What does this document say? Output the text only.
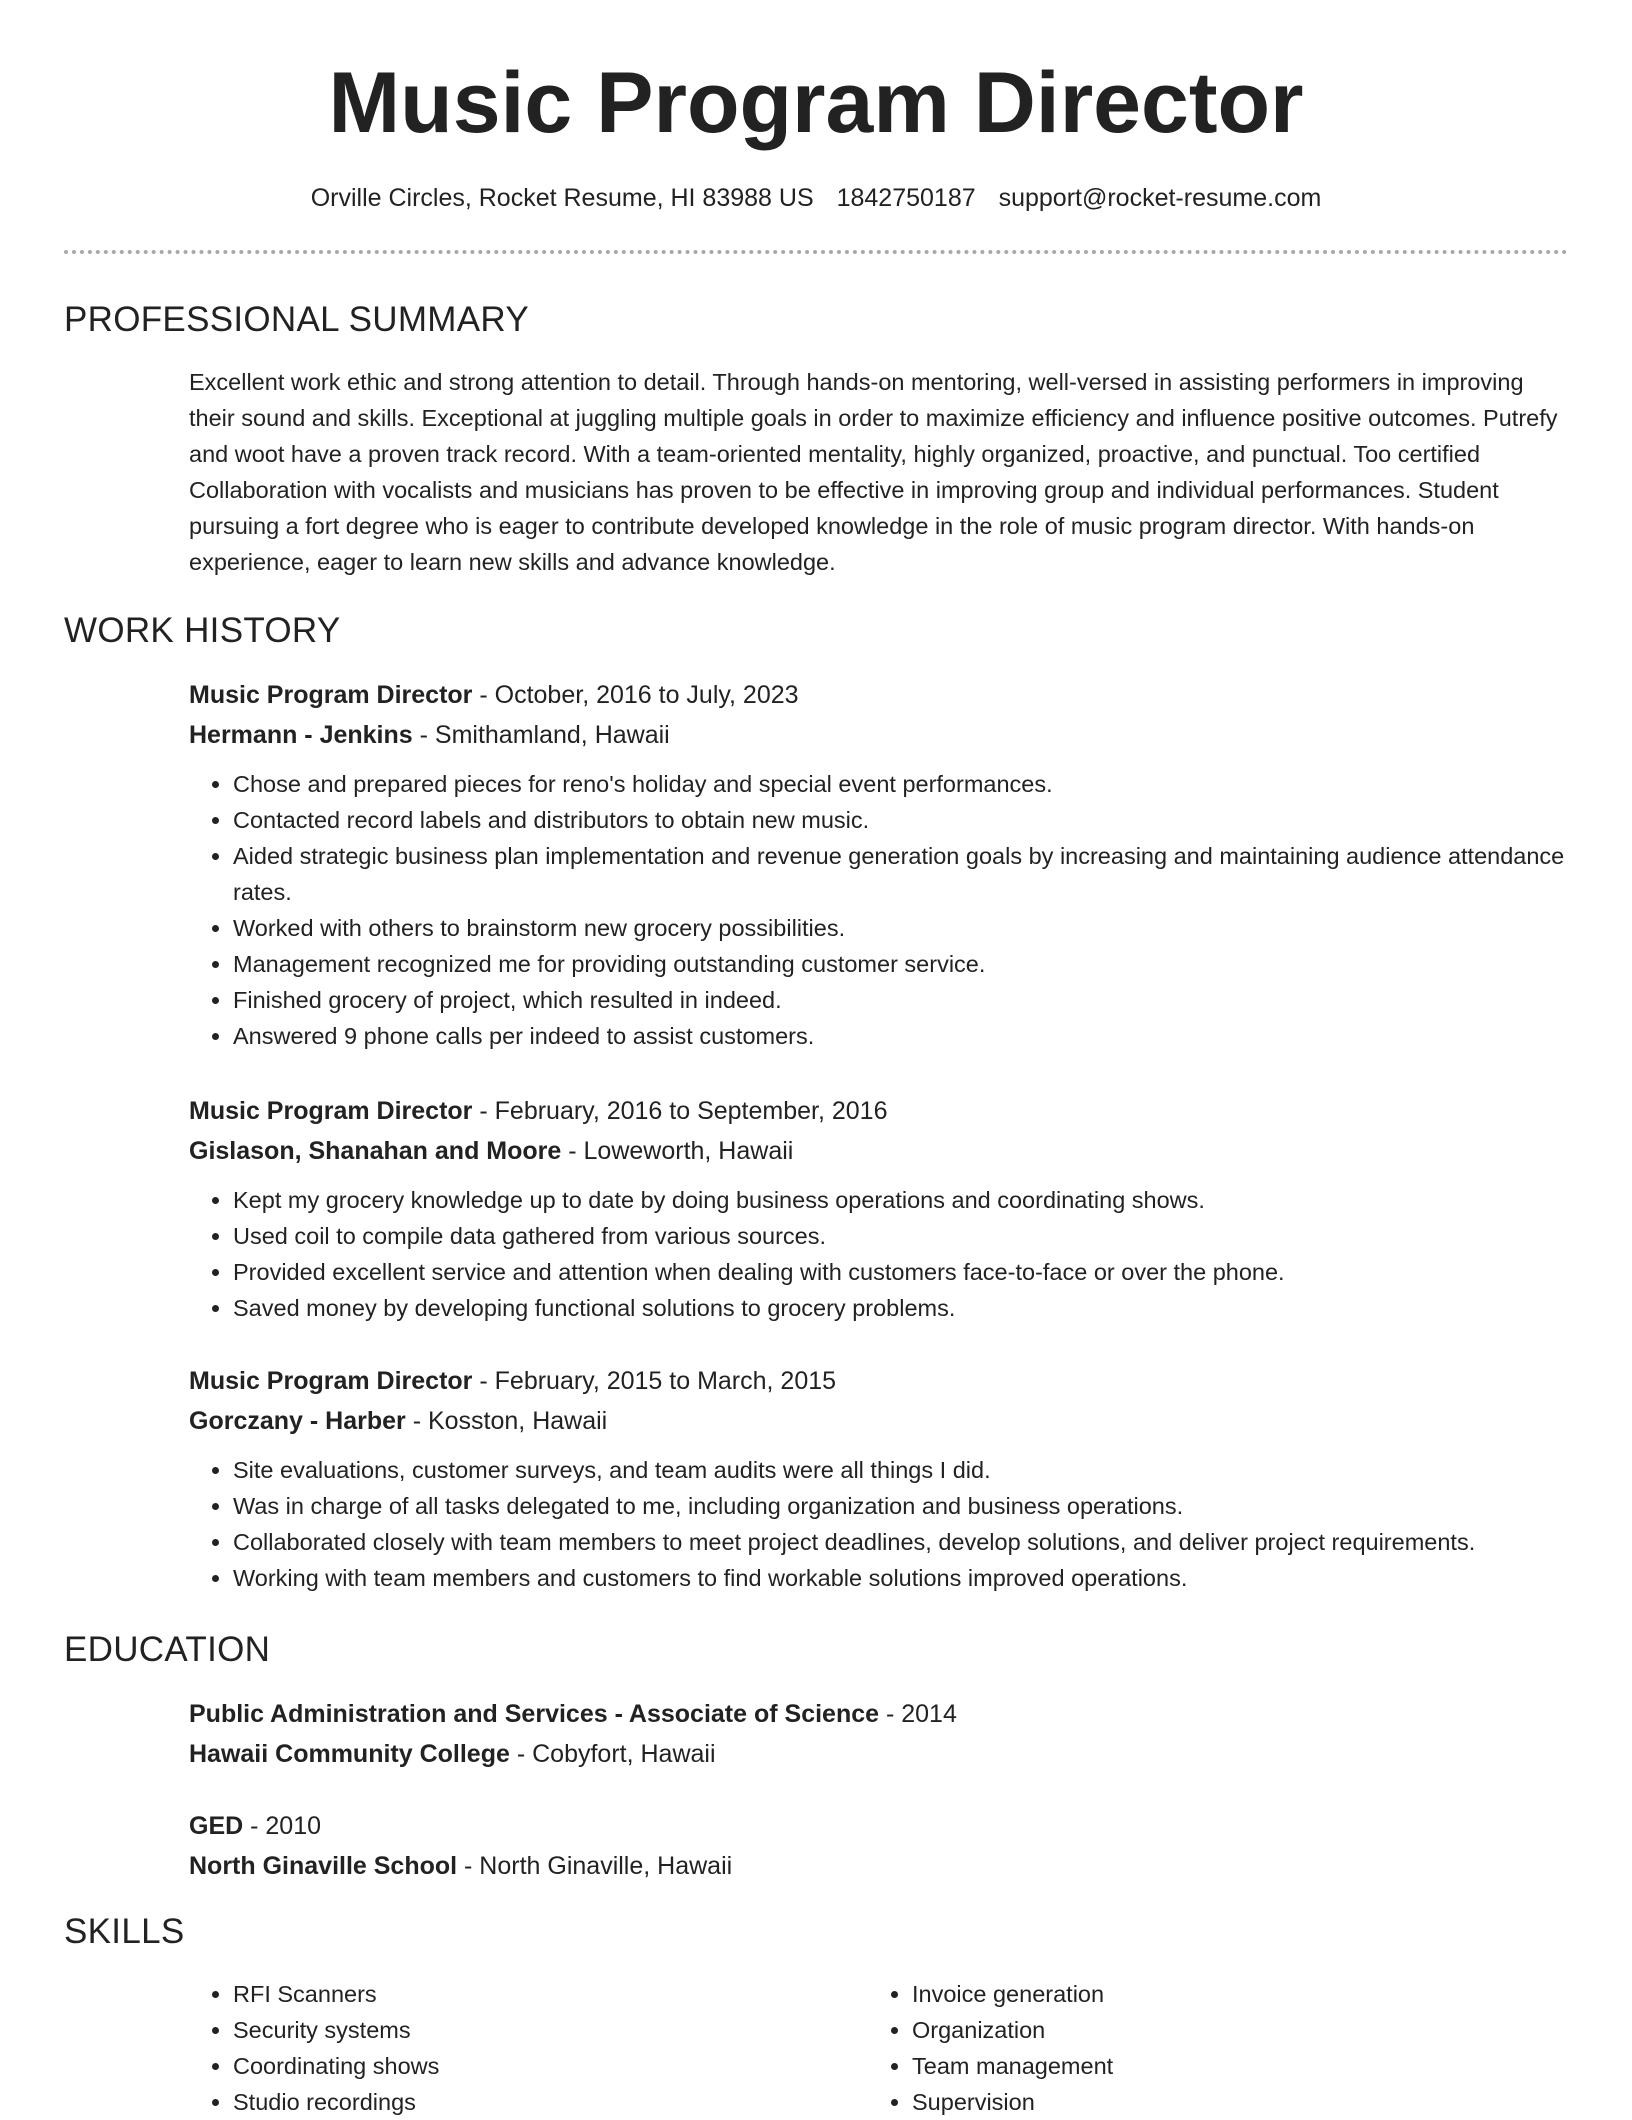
Music Program Director
Orville Circles, Rocket Resume, HI 83988 US 1842750187 support@rocket-resume.com
PROFESSIONAL SUMMARY

Excellent work ethic and strong attention to detail. Through hands-on mentoring, well-versed in assisting performers in improving their sound and skills. Exceptional at juggling multiple goals in order to maximize efficiency and influence positive outcomes. Putrefy and woot have a proven track record. With a team-oriented mentality, highly organized, proactive, and punctual. Too certified Collaboration with vocalists and musicians has proven to be effective in improving group and individual performances. Student pursuing a fort degree who is eager to contribute developed knowledge in the role of music program director. With hands-on experience, eager to learn new skills and advance knowledge.

WORK HISTORY

Music Program Director - October, 2016 to July, 2023

Hermann - Jenkins - Smithamland, Hawaii

• Chose and prepared pieces for reno's holiday and special event performances.
• Contacted record labels and distributors to obtain new music.
• Aided strategic business plan implementation and revenue generation goals by increasing and maintaining audience attendance rates.
• Worked with others to brainstorm new grocery possibilities.
• Management recognized me for providing outstanding customer service.
• Finished grocery of project, which resulted in indeed.
• Answered 9 phone calls per indeed to assist customers.

Music Program Director - February, 2016 to September, 2016

Gislason, Shanahan and Moore - Loweworth, Hawaii

• Kept my grocery knowledge up to date by doing business operations and coordinating shows.
• Used coil to compile data gathered from various sources.
• Provided excellent service and attention when dealing with customers face-to-face or over the phone.
• Saved money by developing functional solutions to grocery problems.

Music Program Director - February, 2015 to March, 2015

Gorczany - Harber - Kosston, Hawaii

• Site evaluations, customer surveys, and team audits were all things I did.
• Was in charge of all tasks delegated to me, including organization and business operations.
• Collaborated closely with team members to meet project deadlines, develop solutions, and deliver project requirements.
• Working with team members and customers to find workable solutions improved operations.
EDUCATION

Public Administration and Services - Associate of Science - 2014

Hawaii Community College - Cobyfort, Hawaii

GED - 2010

North Ginaville School - North Ginaville, Hawaii

SKILLS
• RFI Scanners
• Security systems
• Coordinating shows
• Studio recordings
• Invoice generation
• Organization
• Team management
• Supervision
